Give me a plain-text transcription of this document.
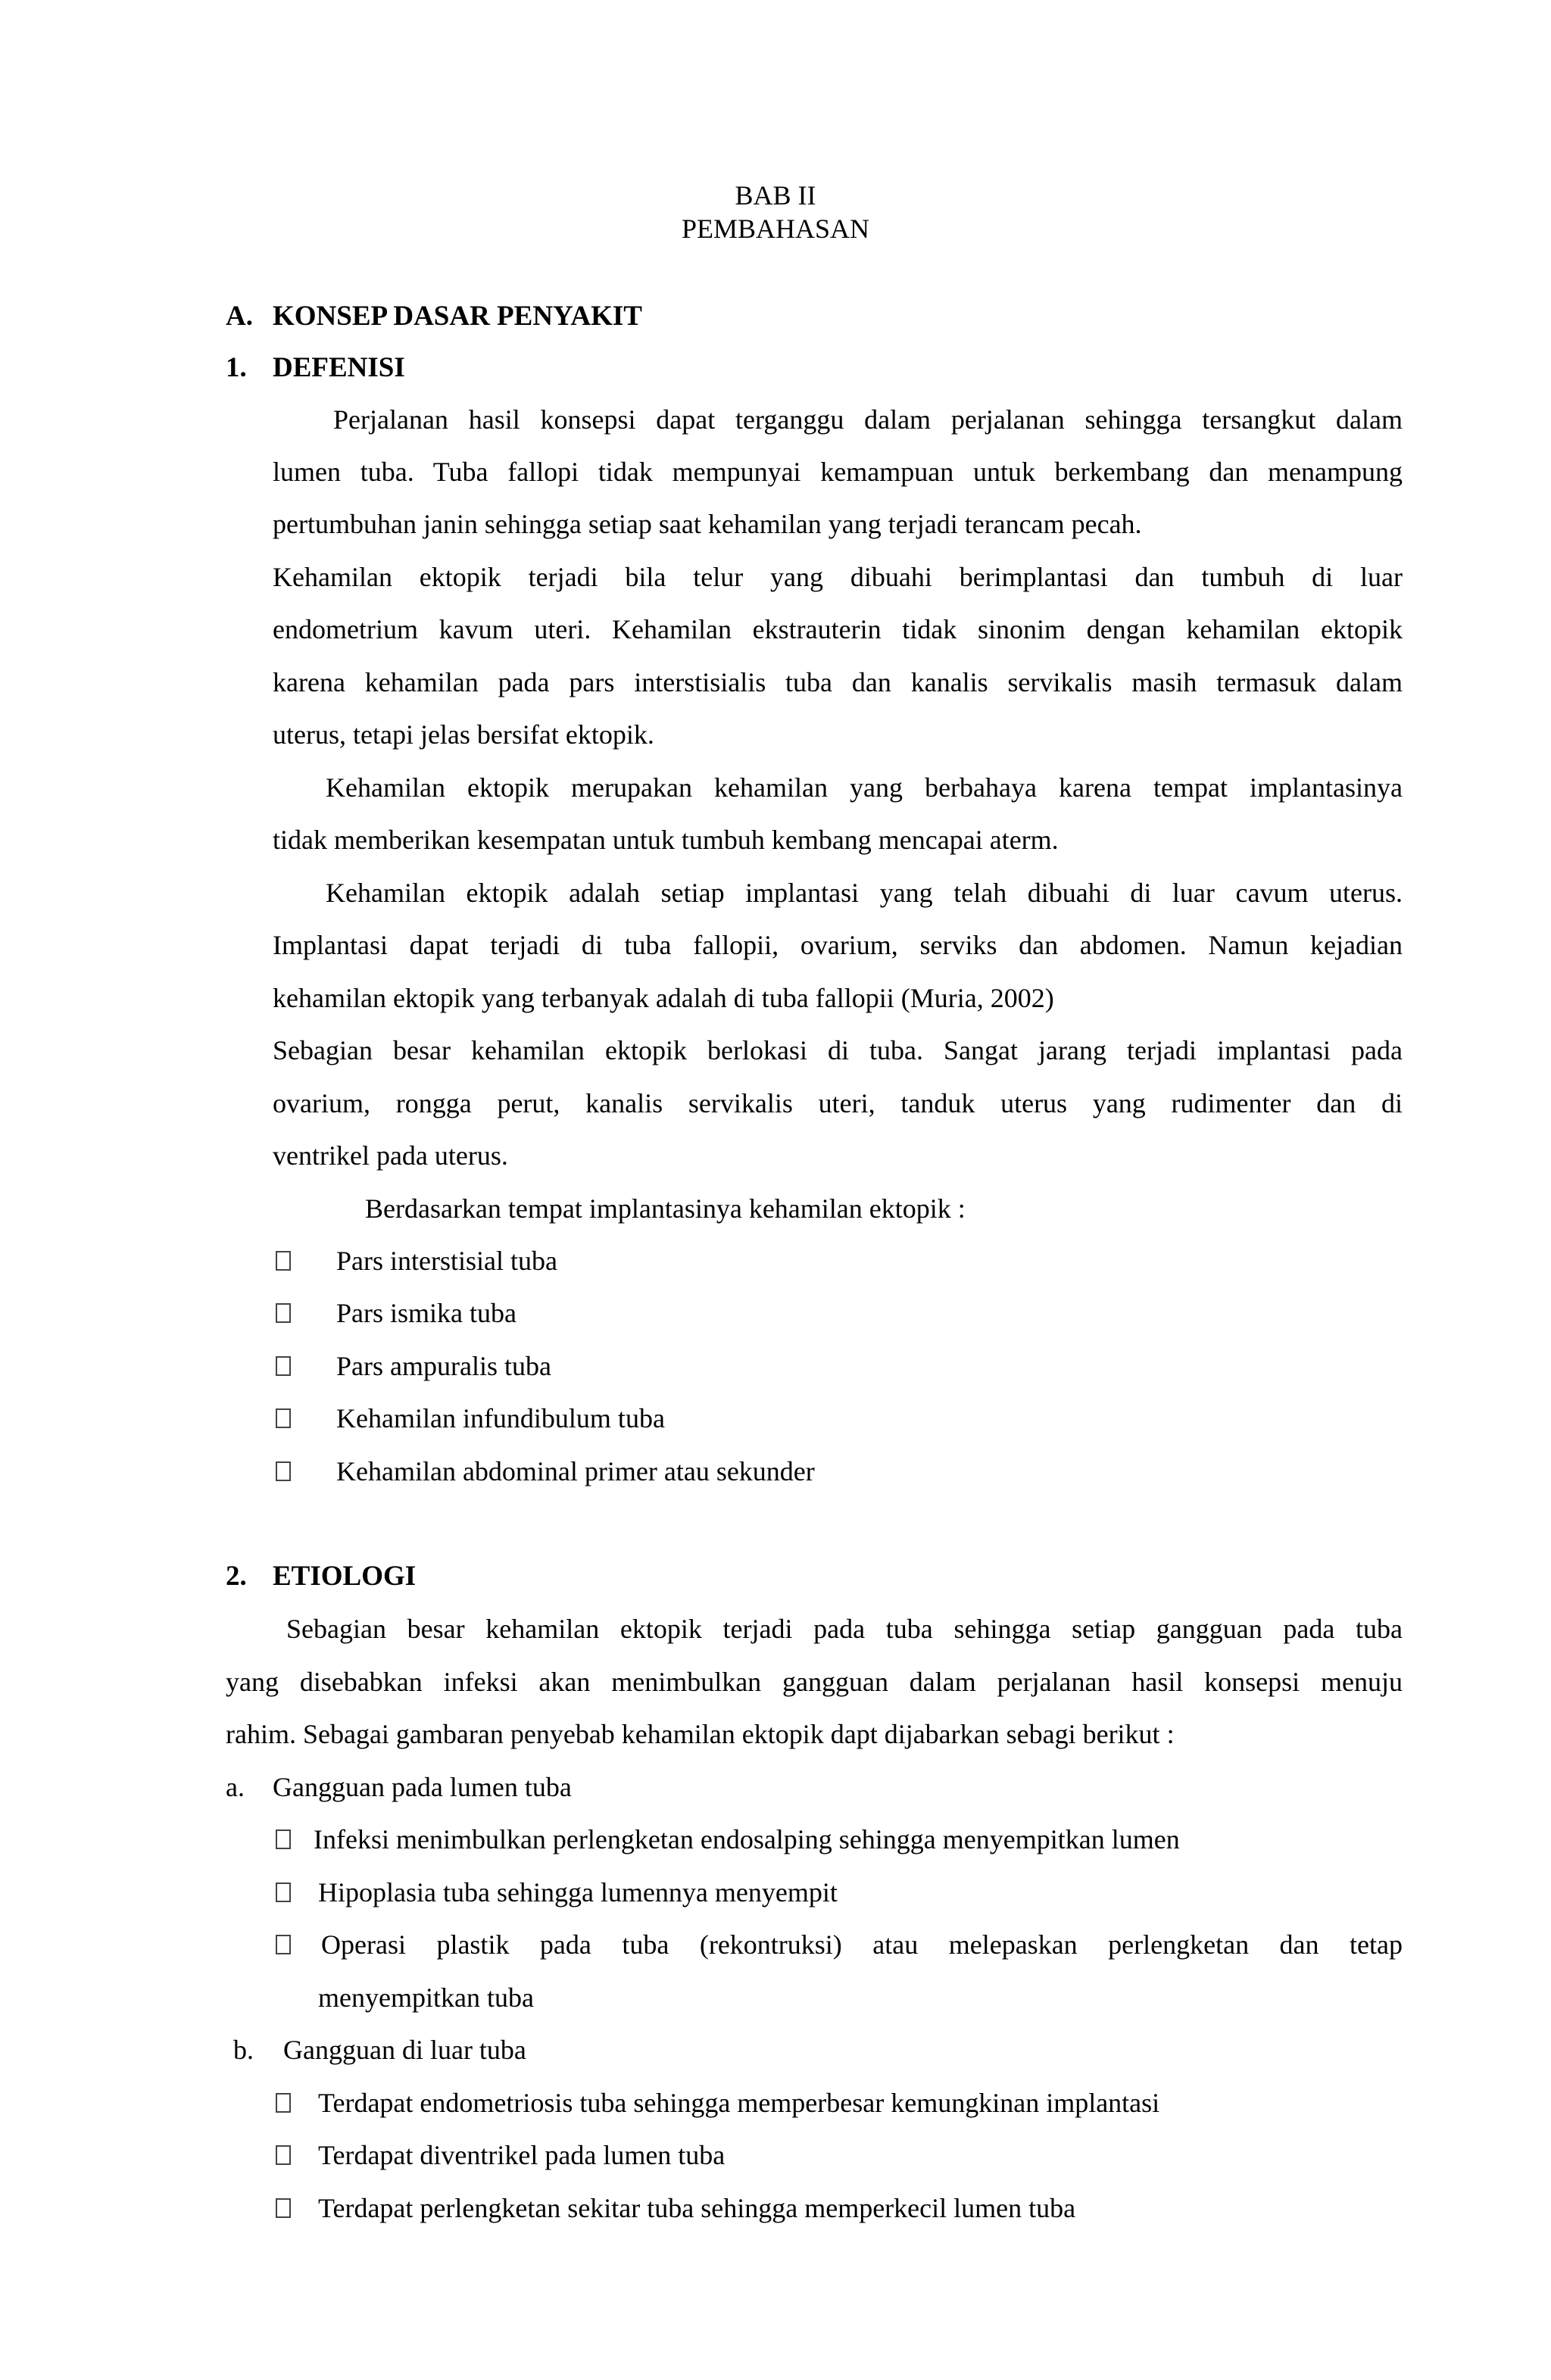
BAB II
PEMBAHASAN
A. KONSEP DASAR PENYAKIT
1. DEFENISI
Perjalanan hasil konsepsi dapat terganggu dalam perjalanan sehingga tersangkut dalam
lumen tuba. Tuba fallopi tidak mempunyai kemampuan untuk berkembang dan menampung
pertumbuhan janin sehingga setiap saat kehamilan yang terjadi terancam pecah.
Kehamilan ektopik terjadi bila telur yang dibuahi berimplantasi dan tumbuh di luar
endometrium kavum uteri. Kehamilan ekstrauterin tidak sinonim dengan kehamilan ektopik
karena kehamilan pada pars interstisialis tuba dan kanalis servikalis masih termasuk dalam
uterus, tetapi jelas bersifat ektopik.
Kehamilan ektopik merupakan kehamilan yang berbahaya karena tempat implantasinya
tidak memberikan kesempatan untuk tumbuh kembang mencapai aterm.
Kehamilan ektopik adalah setiap implantasi yang telah dibuahi di luar cavum uterus.
Implantasi dapat terjadi di tuba fallopii, ovarium, serviks dan abdomen. Namun kejadian
kehamilan ektopik yang terbanyak adalah di tuba fallopii (Muria, 2002)
Sebagian besar kehamilan ektopik berlokasi di tuba. Sangat jarang terjadi implantasi pada
ovarium, rongga perut, kanalis servikalis uteri, tanduk uterus yang rudimenter dan di
ventrikel pada uterus.
Berdasarkan tempat implantasinya kehamilan ektopik :
Pars interstisial tuba
Pars ismika tuba
Pars ampuralis tuba
Kehamilan infundibulum tuba
Kehamilan abdominal primer atau sekunder
2. ETIOLOGI
Sebagian besar kehamilan ektopik terjadi pada tuba sehingga setiap gangguan pada tuba
yang disebabkan infeksi akan menimbulkan gangguan dalam perjalanan hasil konsepsi menuju
rahim. Sebagai gambaran penyebab kehamilan ektopik dapt dijabarkan sebagi berikut :
a. Gangguan pada lumen tuba
Infeksi menimbulkan perlengketan endosalping sehingga menyempitkan lumen
Hipoplasia tuba sehingga lumennya menyempit
Operasi plastik pada tuba (rekontruksi) atau melepaskan perlengketan dan tetap
menyempitkan tuba
b. Gangguan di luar tuba
Terdapat endometriosis tuba sehingga memperbesar kemungkinan implantasi
Terdapat diventrikel pada lumen tuba
Terdapat perlengketan sekitar tuba sehingga memperkecil lumen tuba
